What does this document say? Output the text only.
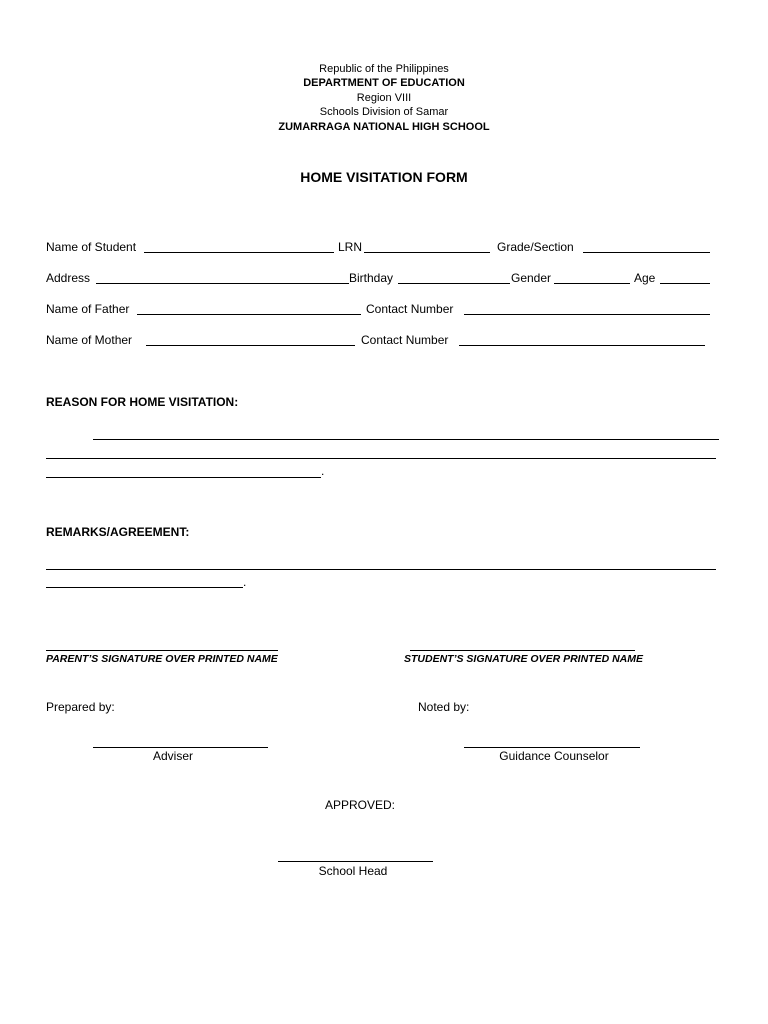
Republic of the Philippines
DEPARTMENT OF EDUCATION
Region VIII
Schools Division of Samar
ZUMARRAGA NATIONAL HIGH SCHOOL
HOME VISITATION FORM
Name of Student	LRN	Grade/Section
Address	Birthday	Gender	Age
Name of Father	Contact Number
Name of Mother	Contact Number
REASON FOR HOME VISITATION:
.
REMARKS/AGREEMENT:
.
PARENT’S SIGNATURE OVER PRINTED NAME	STUDENT’S SIGNATURE OVER PRINTED NAME
Prepared by:	Noted by:
Adviser	Guidance Counselor
APPROVED:
School Head
